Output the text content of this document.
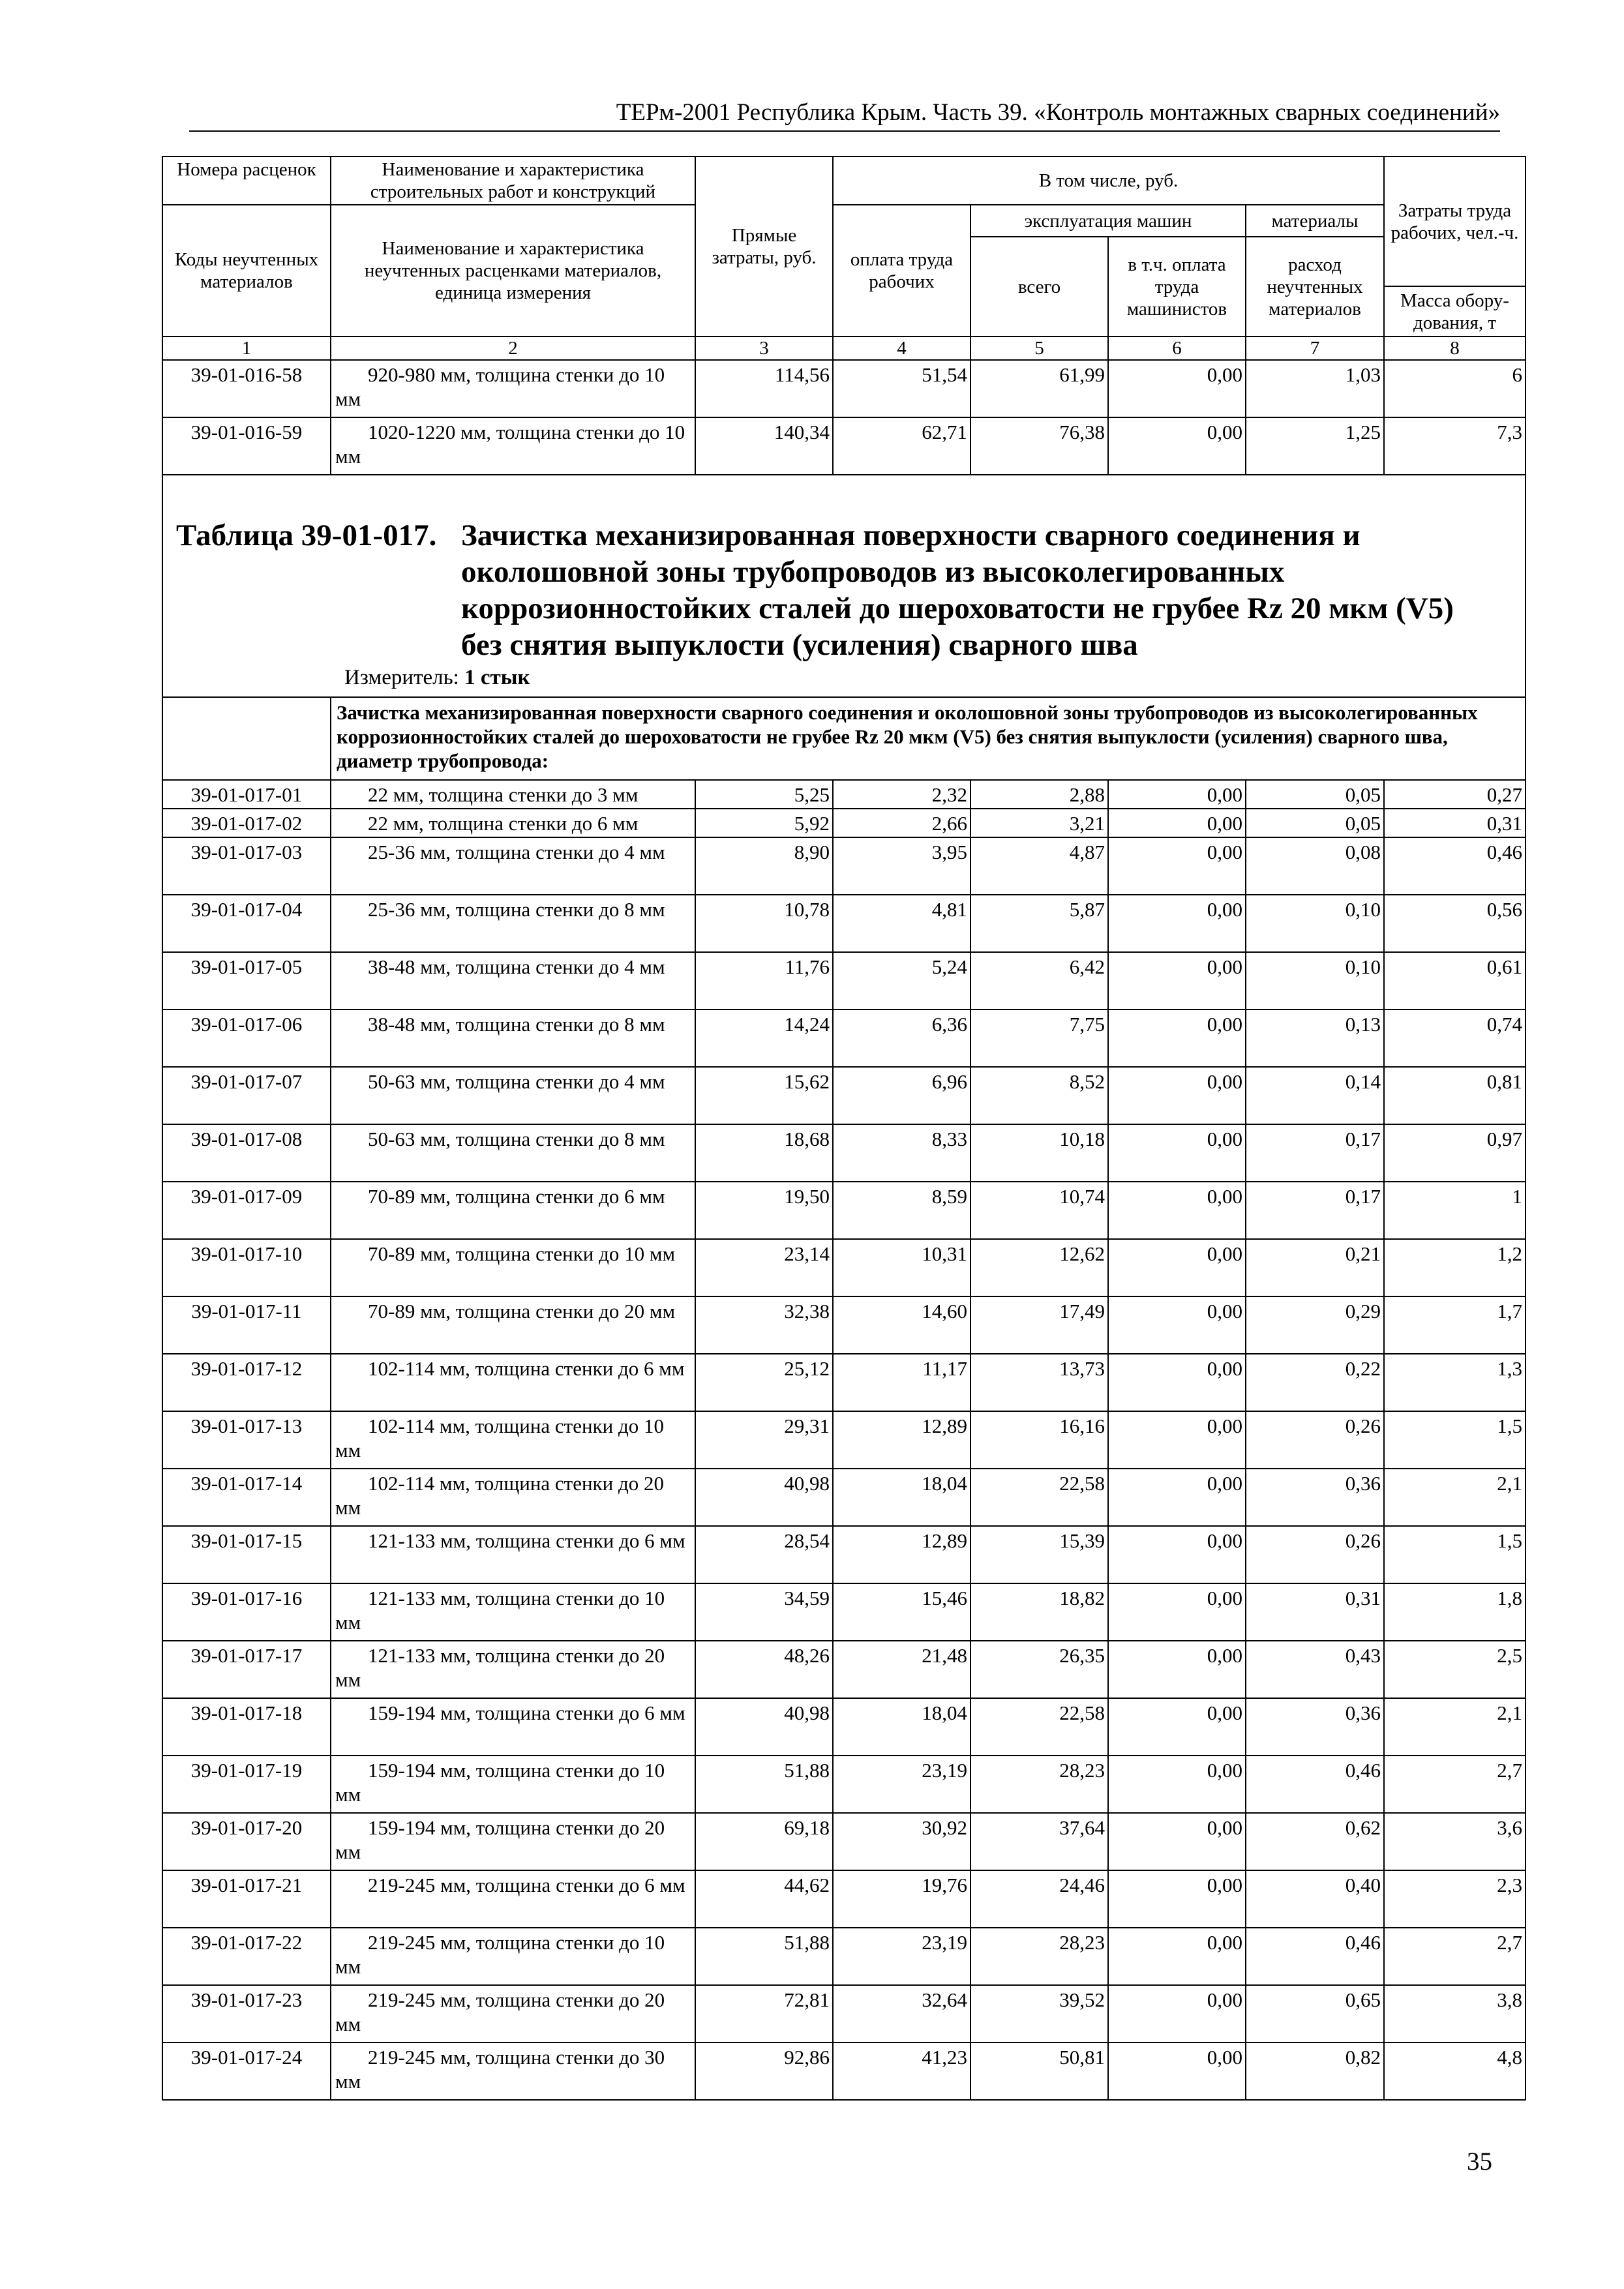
ТЕРм-2001 Республика Крым. Часть 39. «Контроль монтажных сварных соединений»
Номера расценок	Наименование и характеристика строительных работ и конструкций	Прямые затраты, руб.	В том числе, руб.				Затраты труда рабочих, чел.-ч.
Коды неучтенных материалов	Наименование и характеристика неучтенных расценками материалов, единица измерения		оплата труда рабочих	эксплуатация машин		материалы	
				всего	в т.ч. оплата труда машинистов	расход неучтенных материалов	
							Масса обору-дования, т
1	2	3	4	5	6	7	8
39-01-016-58	920-980 мм, толщина стенки до 10 мм	114,56	51,54	61,99	0,00	1,03	6
39-01-016-59	1020-1220 мм, толщина стенки до 10 мм	140,34	62,71	76,38	0,00	1,25	7,3

Таблица 39-01-017. Зачистка механизированная поверхности сварного соединения и
околошовной зоны трубопроводов из высоколегированных коррозионностойких сталей до шероховатости не грубее Rz 20 мкм (V5) без снятия выпуклости (усиления) сварного шва
Измеритель: 1 стык							

	Зачистка механизированная поверхности сварного соединения и околошовной зоны трубопроводов из высоколегированных коррозионностойких сталей до шероховатости не грубее Rz 20 мкм (V5) без снятия выпуклости (усиления) сварного шва, диаметр трубопровода:						
39-01-017-01	22 мм, толщина стенки до 3 мм	5,25	2,32	2,88	0,00	0,05	0,27
39-01-017-02	22 мм, толщина стенки до 6 мм	5,92	2,66	3,21	0,00	0,05	0,31
39-01-017-03	25-36 мм, толщина стенки до 4 мм	8,90	3,95	4,87	0,00	0,08	0,46
39-01-017-04	25-36 мм, толщина стенки до 8 мм	10,78	4,81	5,87	0,00	0,10	0,56
39-01-017-05	38-48 мм, толщина стенки до 4 мм	11,76	5,24	6,42	0,00	0,10	0,61
39-01-017-06	38-48 мм, толщина стенки до 8 мм	14,24	6,36	7,75	0,00	0,13	0,74
39-01-017-07	50-63 мм, толщина стенки до 4 мм	15,62	6,96	8,52	0,00	0,14	0,81
39-01-017-08	50-63 мм, толщина стенки до 8 мм	18,68	8,33	10,18	0,00	0,17	0,97
39-01-017-09	70-89 мм, толщина стенки до 6 мм	19,50	8,59	10,74	0,00	0,17	1
39-01-017-10	70-89 мм, толщина стенки до 10 мм	23,14	10,31	12,62	0,00	0,21	1,2
39-01-017-11	70-89 мм, толщина стенки до 20 мм	32,38	14,60	17,49	0,00	0,29	1,7
39-01-017-12	102-114 мм, толщина стенки до 6 мм	25,12	11,17	13,73	0,00	0,22	1,3
39-01-017-13	102-114 мм, толщина стенки до 10 мм	29,31	12,89	16,16	0,00	0,26	1,5
39-01-017-14	102-114 мм, толщина стенки до 20 мм	40,98	18,04	22,58	0,00	0,36	2,1
39-01-017-15	121-133 мм, толщина стенки до 6 мм	28,54	12,89	15,39	0,00	0,26	1,5
39-01-017-16	121-133 мм, толщина стенки до 10 мм	34,59	15,46	18,82	0,00	0,31	1,8
39-01-017-17	121-133 мм, толщина стенки до 20 мм	48,26	21,48	26,35	0,00	0,43	2,5
39-01-017-18	159-194 мм, толщина стенки до 6 мм	40,98	18,04	22,58	0,00	0,36	2,1
39-01-017-19	159-194 мм, толщина стенки до 10 мм	51,88	23,19	28,23	0,00	0,46	2,7
39-01-017-20	159-194 мм, толщина стенки до 20 мм	69,18	30,92	37,64	0,00	0,62	3,6
39-01-017-21	219-245 мм, толщина стенки до 6 мм	44,62	19,76	24,46	0,00	0,40	2,3
39-01-017-22	219-245 мм, толщина стенки до 10 мм	51,88	23,19	28,23	0,00	0,46	2,7
39-01-017-23	219-245 мм, толщина стенки до 20 мм	72,81	32,64	39,52	0,00	0,65	3,8
39-01-017-24	219-245 мм, толщина стенки до 30 мм	92,86	41,23	50,81	0,00	0,82	4,8
35
